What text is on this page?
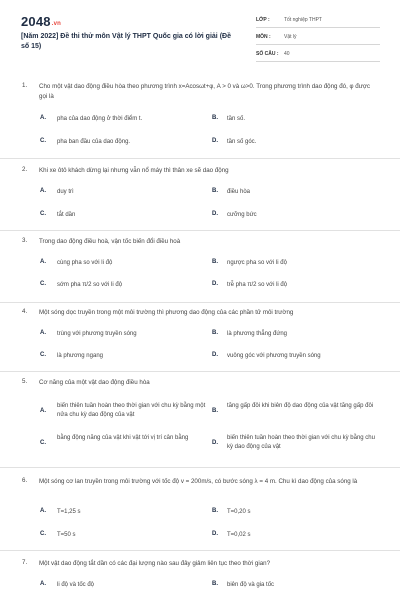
2048.vn
[Năm 2022] Đề thi thử môn Vật lý THPT Quốc gia có lời giải (Đề số 15)
LỚP :	Tốt nghiệp THPT
MÔN :	Vật lý
SỐ CÂU : 40
1. Cho một vật dao động điều hòa theo phương trình x=Acosωt+φ, A > 0 và ω>0. Trong phương trình dao động đó, φ được gọi là
A. pha của dao động ở thời điểm t.	B. tần số.
C. pha ban đầu của dao động.	D. tần số góc.
2. Khi xe ôtô khách dừng lại nhưng vẫn nổ máy thì thân xe sẽ dao động
A. duy trì	B. điều hòa
C. tắt dần	D. cưỡng bức
3. Trong dao động điều hoà, vận tốc biến đổi điều hoà
A. cùng pha so với li độ	B. ngược pha so với li độ
C. sớm pha π/2 so với li độ	D. trễ pha π/2 so với li độ
4. Một sóng dọc truyền trong một môi trường thì phương dao động của các phần tử môi trường
A. trùng với phương truyền sóng	B. là phương thẳng đứng
C. là phương ngang	D. vuông góc với phương truyền sóng
5. Cơ năng của một vật dao động điều hòa
A.
biến thiên tuần hoàn theo thời gian với chu kỳ bằng một nửa chu kỳ dao động của vật
B.
tăng gấp đôi khi biên độ dao động của vật tăng gấp đôi
C.
bằng động năng của vật khi vật tới vị trí cân bằng
D.
biến thiên tuần hoàn theo thời gian với chu kỳ bằng chu kỳ dao động của vật
6. Một sóng cơ lan truyền trong môi trường với tốc độ v = 200m/s, có bước sóng λ = 4 m. Chu kì dao động của sóng là
A. T=1,25 s	B. T=0,20 s
C. T=50 s	D. T=0,02 s
7. Một vật dao động tắt dần có các đại lượng nào sau đây giảm liên tục theo thời gian?
A. li độ và tốc độ	B. biên độ và gia tốc
